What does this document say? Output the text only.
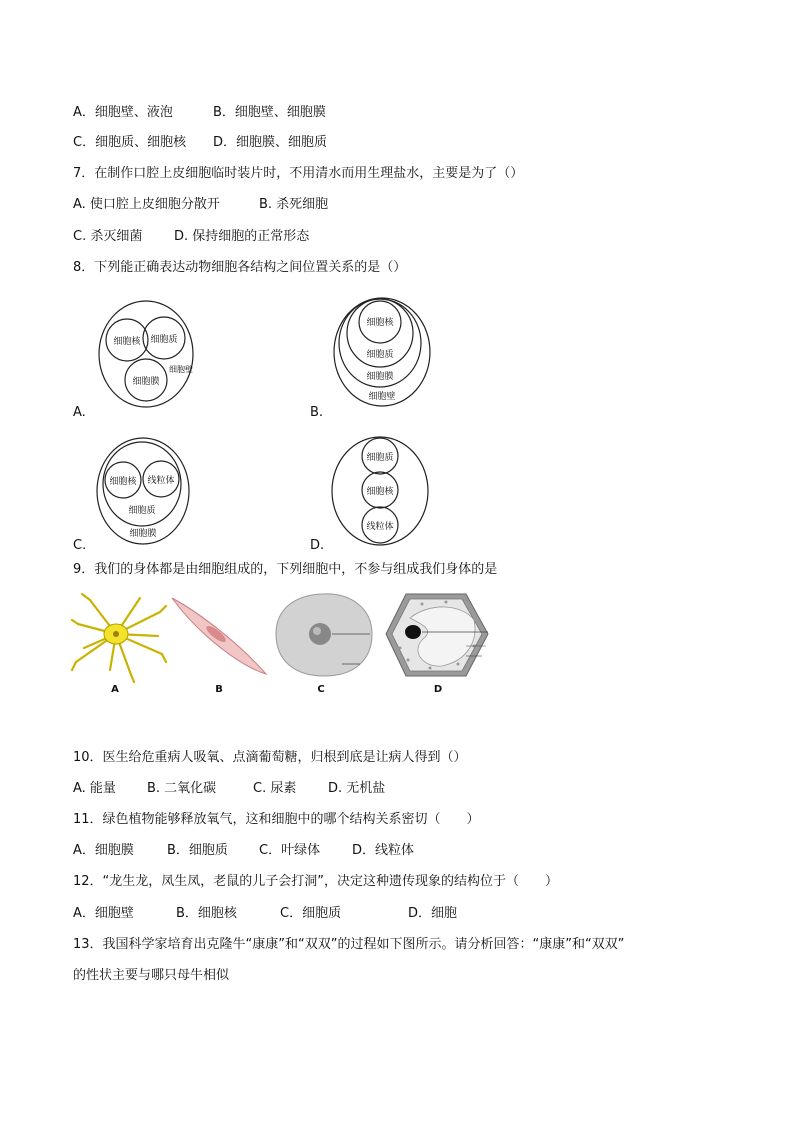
A．细胞壁、液泡	B．细胞壁、细胞膜
C．细胞质、细胞核 D．细胞膜、细胞质
7．在制作口腔上皮细胞临时装片时，不用清水而用生理盐水，主要是为了（）
A. 使口腔上皮细胞分散开	B. 杀死细胞
C. 杀灭细菌 D. 保持细胞的正常形态
8．下列能正确表达动物细胞各结构之间位置关系的是（）
细胞核 细胞质
细胞膜
细胞壁
A.
细胞核
细胞质
细胞膜
细胞壁
B.
细胞核 线粒体
细胞质
细胞膜
C.
细胞质
细胞核
线粒体
D.
9．我们的身体都是由细胞组成的，下列细胞中，不参与组成我们身体的是
A	B	C	D
10．医生给危重病人吸氧、点滴葡萄糖，归根到底是让病人得到（）
A. 能量 B. 二氧化碳	C. 尿素 D. 无机盐
11．绿色植物能够释放氧气，这和细胞中的哪个结构关系密切（　　）
A．细胞膜	B．细胞质 C．叶绿体 D．线粒体
12．“龙生龙，凤生凤，老鼠的儿子会打洞”，决定这种遗传现象的结构位于（　　）
A．细胞壁	B．细胞核	C．细胞质	D．细胞
13．我国科学家培育出克隆牛“康康”和“双双”的过程如下图所示。请分析回答：“康康”和“双双”
的性状主要与哪只母牛相似
